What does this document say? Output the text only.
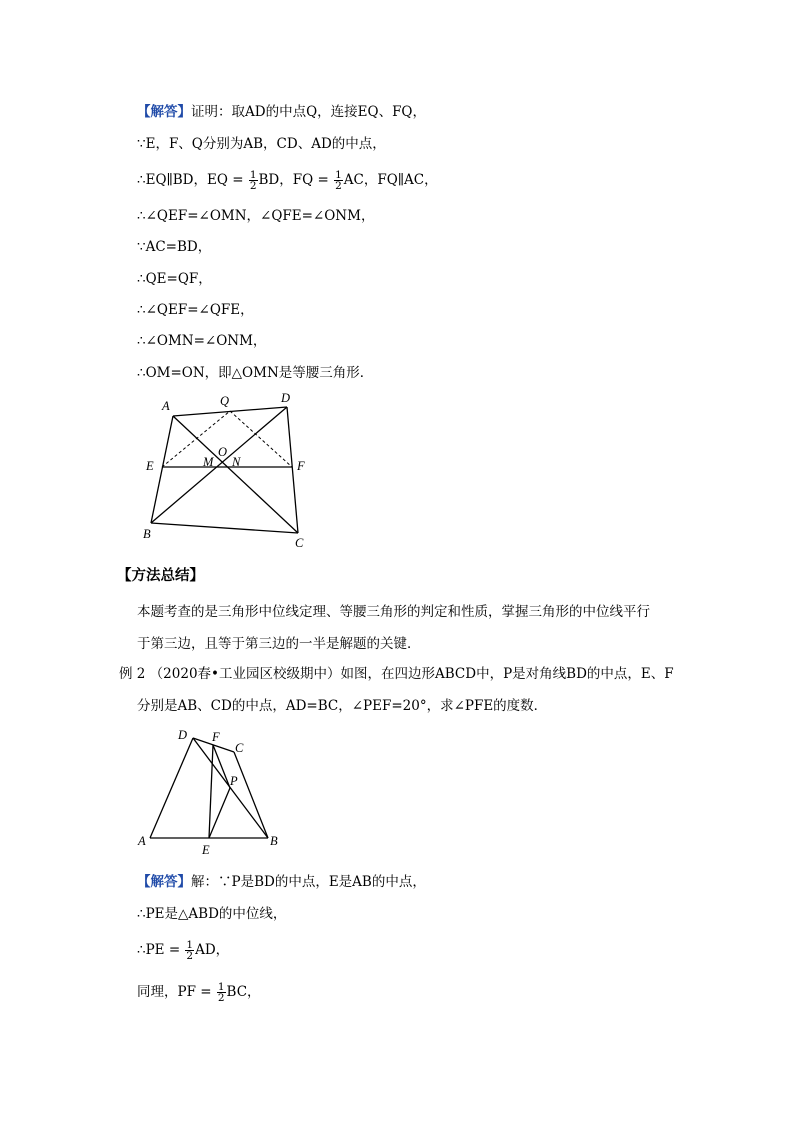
【解答】证明：取AD的中点Q，连接EQ、FQ，
∵E，F、Q分别为AB，CD、AD的中点，
∴EQ∥BD，EQ = $\frac{1}{2}$ BD，FQ = $\frac{1}{2}$ AC，FQ∥AC，
∴∠QEF=∠OMN，∠QFE=∠ONM，
∵AC=BD，
∴QE=QF，
∴∠QEF=∠QFE，
∴∠OMN=∠ONM，
∴OM=ON，即△OMN是等腰三角形．
A	Q	D
O
E	M N	F
B
C
【方法总结】
本题考查的是三角形中位线定理、等腰三角形的判定和性质，掌握三角形的中位线平行
于第三边，且等于第三边的一半是解题的关键．
例 2 （2020春•工业园区校级期中）如图，在四边形ABCD中，P是对角线BD的中点，E、F
分别是AB、CD的中点，AD=BC，∠PEF=20°，求∠PFE的度数．
D F
C
P
A
E
B
【解答】解：∵P是BD的中点，E是AB的中点，
∴PE是△ABD的中位线，
∴PE = $\frac{1}{2}$ AD，
同理，PF = $\frac{1}{2}$ BC，
